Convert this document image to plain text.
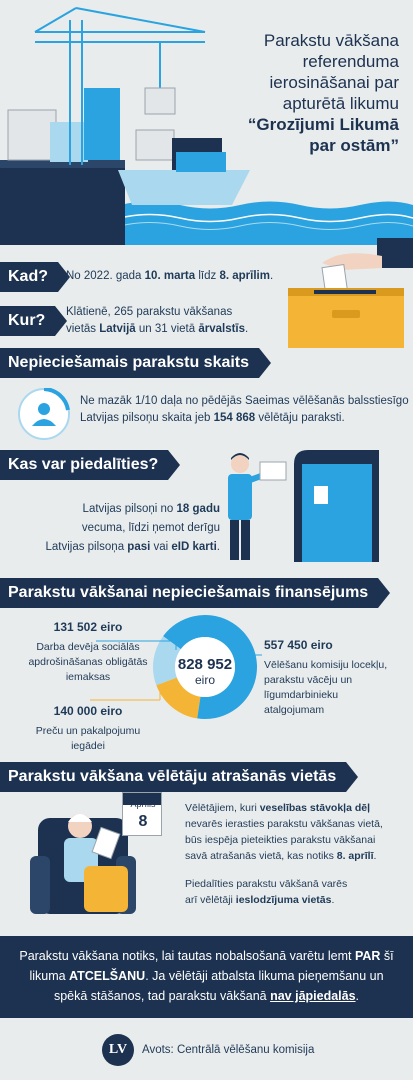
Parakstu vākšana
referenduma
ierosināšanai par
apturētā likumu
“Grozījumi Likumā
par ostām”
Kad?	No 2022. gada 10. marta līdz 8. aprīlim.
Kur?	Klātienē, 265 parakstu vākšanas
vietās Latvijā un 31 vietā ārvalstīs.
Nepieciešamais parakstu skaits
Ne mazāk 1/10 daļa no pēdējās Saeimas vēlēšanās balsstiesīgo
Latvijas pilsoņu skaita jeb 154 868 vēlētāju paraksti.
Kas var piedalīties?
Latvijas pilsoņi no 18 gadu
vecuma, līdzi ņemot derīgu
Latvijas pilsoņa pasi vai eID karti.
Parakstu vākšanai nepieciešamais finansējums
131 502 eiro
Darba devēja sociālās
apdrošināšanas obligātās
iemaksas
140 000 eiro
Preču un pakalpojumu
iegādei
557 450 eiro
Vēlēšanu komisiju locekļu,
parakstu vācēju un
līgumdarbinieku
atalgojumam
828 952
eiro
Parakstu vākšana vēlētāju atrašanās vietās
Aprīlis
8
Vēlētājiem, kuri veselības stāvokļa dēļ
nevarēs ierasties parakstu vākšanas vietā,
būs iespēja pieteikties parakstu vākšanai
savā atrašanās vietā, kas notiks 8. aprīlī.
Piedalīties parakstu vākšanā varēs
arī vēlētāji ieslodzījuma vietās.
Parakstu vākšana notiks, lai tautas nobalsošanā varētu lemt PAR šī likuma ATCELŠANU. Ja vēlētāji atbalsta likuma pieņemšanu un spēkā stāšanos, tad parakstu vākšanā nav jāpiedalās.
LV	Avots: Centrālā vēlēšanu komisija
